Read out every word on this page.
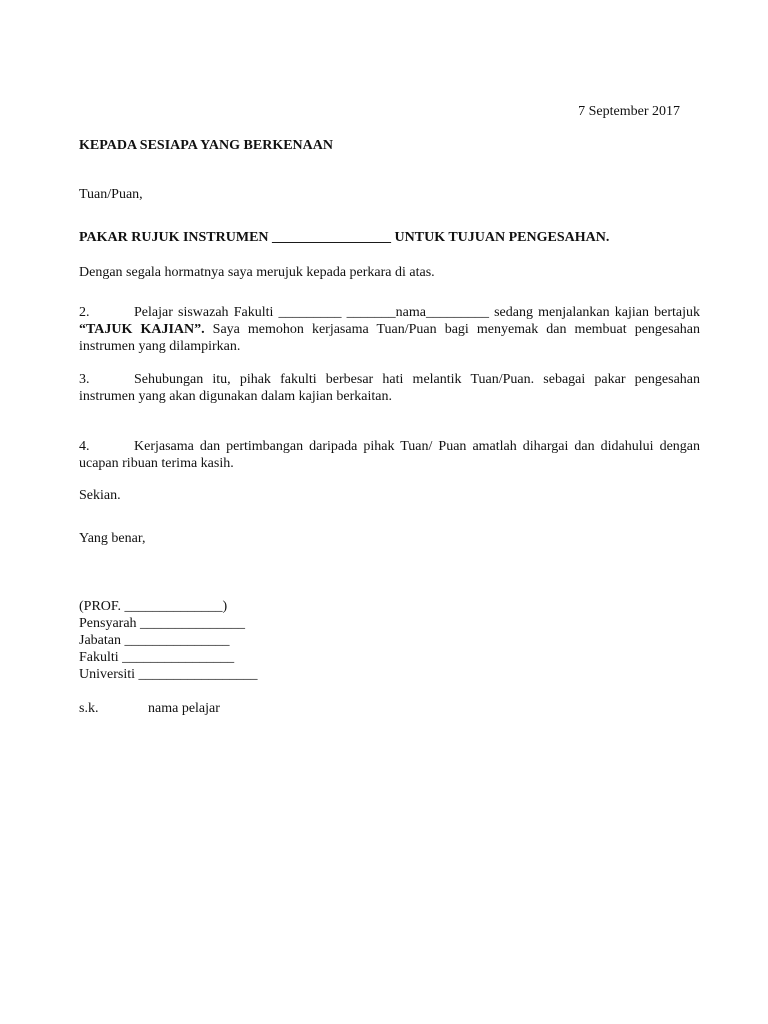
7 September 2017
KEPADA SESIAPA YANG BERKENAAN
Tuan/Puan,
PAKAR RUJUK INSTRUMEN _________________ UNTUK TUJUAN PENGESAHAN.
Dengan segala hormatnya saya merujuk kepada perkara di atas.
2.	Pelajar siswazah Fakulti _________ _______nama_________ sedang menjalankan kajian bertajuk “TAJUK KAJIAN”. Saya memohon kerjasama Tuan/Puan bagi menyemak dan membuat pengesahan instrumen yang dilampirkan.
3.	Sehubungan itu, pihak fakulti berbesar hati melantik Tuan/Puan. sebagai pakar pengesahan instrumen yang akan digunakan dalam kajian berkaitan.
4.	Kerjasama dan pertimbangan daripada pihak Tuan/ Puan amatlah dihargai dan didahului dengan ucapan ribuan terima kasih.
Sekian.
Yang benar,
(PROF. ______________)
Pensyarah _______________
Jabatan _______________
Fakulti ________________
Universiti _________________
s.k.	nama pelajar
